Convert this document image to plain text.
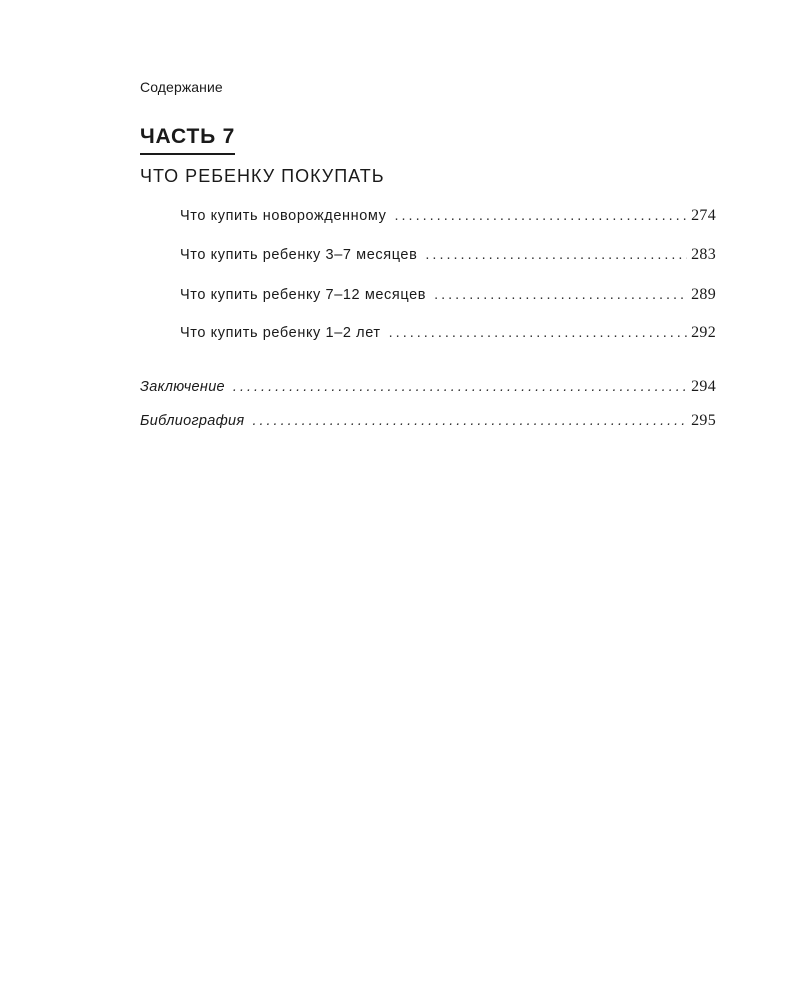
Содержание
ЧАСТЬ 7
ЧТО РЕБЕНКУ ПОКУПАТЬ
Что купить новорожденному .....	274
Что купить ребенку 3–7 месяцев .....	283
Что купить ребенку 7–12 месяцев .....	289
Что купить ребенку 1–2 лет .....	292
Заключение .....	294
Библиография .....	295
